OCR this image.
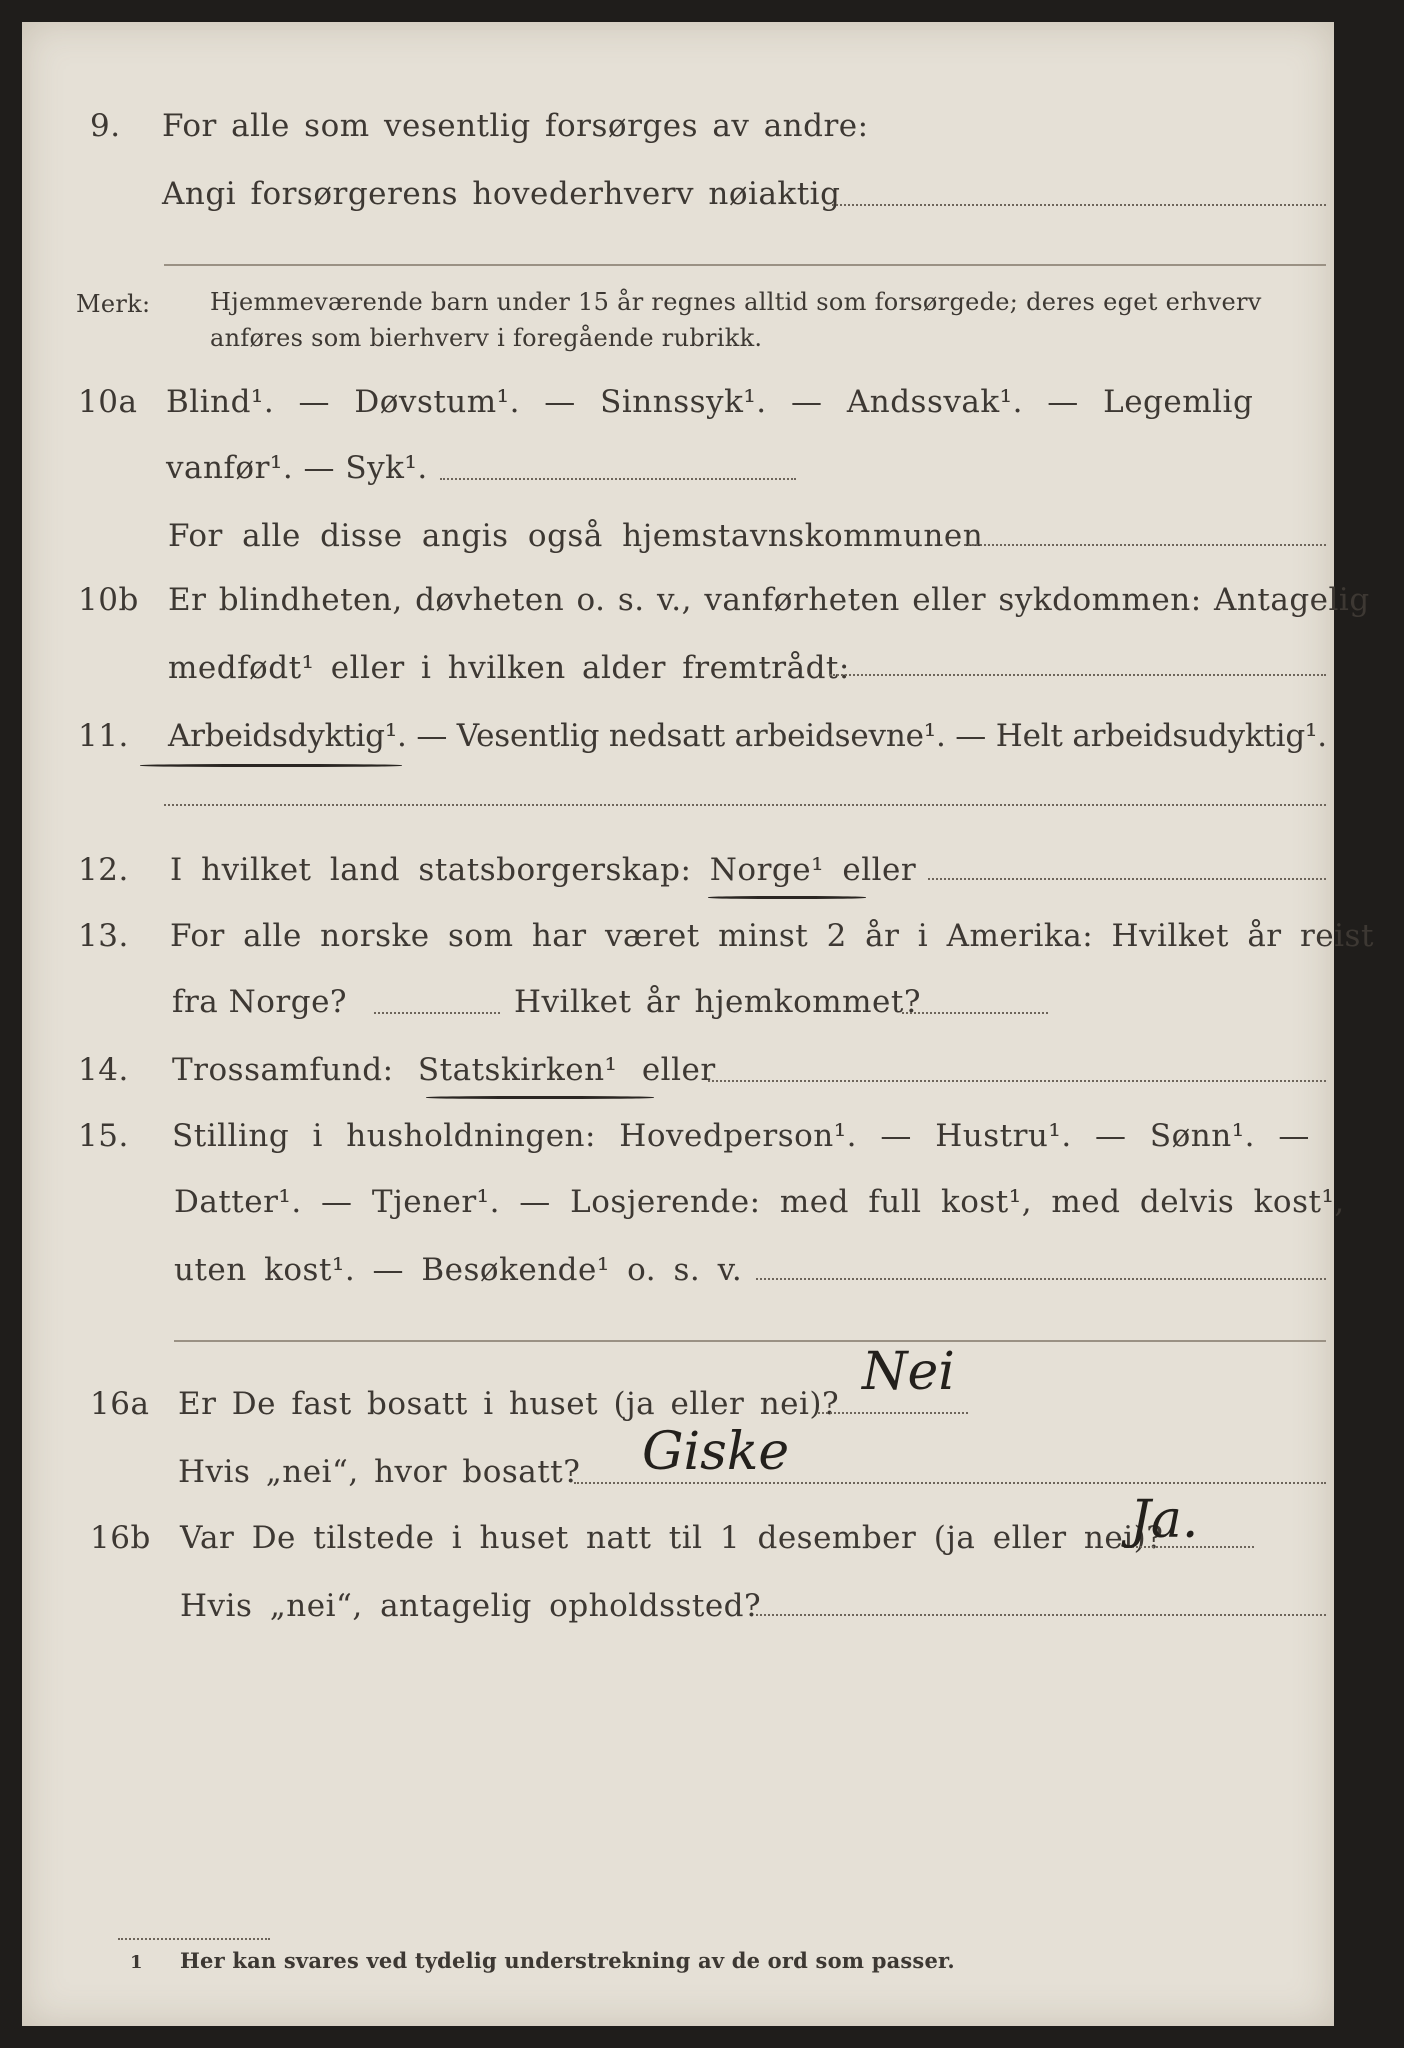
9. For alle som vesentlig forsørges av andre:
Angi forsørgerens hovederhverv nøiaktig
Merk: Hjemmeværende barn under 15 år regnes alltid som forsørgede; deres eget erhverv
anføres som bierhverv i foregående rubrikk.
10a Blind¹. — Døvstum¹. — Sinnssyk¹. — Andssvak¹. — Legemlig
vanfør¹. — Syk¹.
For alle disse angis også hjemstavnskommunen
10b Er blindheten, døvheten o. s. v., vanførheten eller sykdommen: Antagelig
medfødt¹ eller i hvilken alder fremtrådt:
11. Arbeidsdyktig¹. — Vesentlig nedsatt arbeidsevne¹. — Helt arbeidsudyktig¹.
12. I hvilket land statsborgerskap: Norge¹ eller
13. For alle norske som har været minst 2 år i Amerika: Hvilket år reist
fra Norge?	Hvilket år hjemkommet?
14. Trossamfund: Statskirken¹ eller
15. Stilling i husholdningen: Hovedperson¹. — Hustru¹. — Sønn¹. —
Datter¹. — Tjener¹. — Losjerende: med full kost¹, med delvis kost¹,
uten kost¹. — Besøkende¹ o. s. v.
16a Er De fast bosatt i huset (ja eller nei)?
Nei
Hvis „nei“, hvor bosatt? Giske
16b Var De tilstede i huset natt til 1 desember (ja eller nei)?
Ja.
Hvis „nei“, antagelig opholdssted?
1 Her kan svares ved tydelig understrekning av de ord som passer.
